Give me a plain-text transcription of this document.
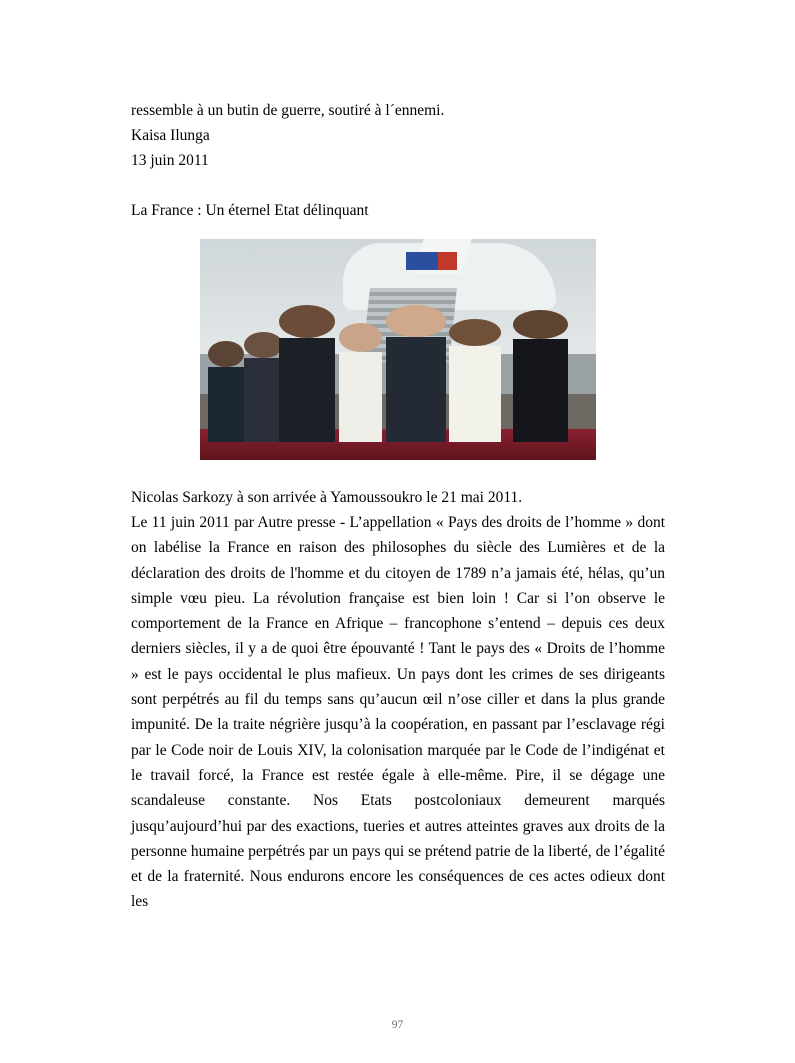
ressemble à un butin de guerre, soutiré à l´ennemi.
Kaisa Ilunga
13 juin 2011
La France : Un éternel Etat délinquant
Nicolas Sarkozy à son arrivée à Yamoussoukro le 21 mai 2011.
Le 11 juin 2011 par Autre presse - L’appellation « Pays des droits de l’homme » dont on labélise la France en raison des philosophes du siècle des Lumières et de la déclaration des droits de l'homme et du citoyen de 1789 n’a jamais été, hélas, qu’un simple vœu pieu. La révolution française est bien loin ! Car si l’on observe le comportement de la France en Afrique – francophone s’entend – depuis ces deux derniers siècles, il y a de quoi être épouvanté ! Tant le pays des « Droits de l’homme » est le pays occidental le plus mafieux. Un pays dont les crimes de ses dirigeants sont perpétrés au fil du temps sans qu’aucun œil n’ose ciller et dans la plus grande impunité. De la traite négrière jusqu’à la coopération, en passant par l’esclavage régi par le Code noir de Louis XIV, la colonisation marquée par le Code de l’indigénat et le travail forcé, la France est restée égale à elle-même. Pire, il se dégage une scandaleuse constante. Nos Etats postcoloniaux demeurent marqués jusqu’aujourd’hui par des exactions, tueries et autres atteintes graves aux droits de la personne humaine perpétrés par un pays qui se prétend patrie de la liberté, de l’égalité et de la fraternité. Nous endurons encore les conséquences de ces actes odieux dont les
97
